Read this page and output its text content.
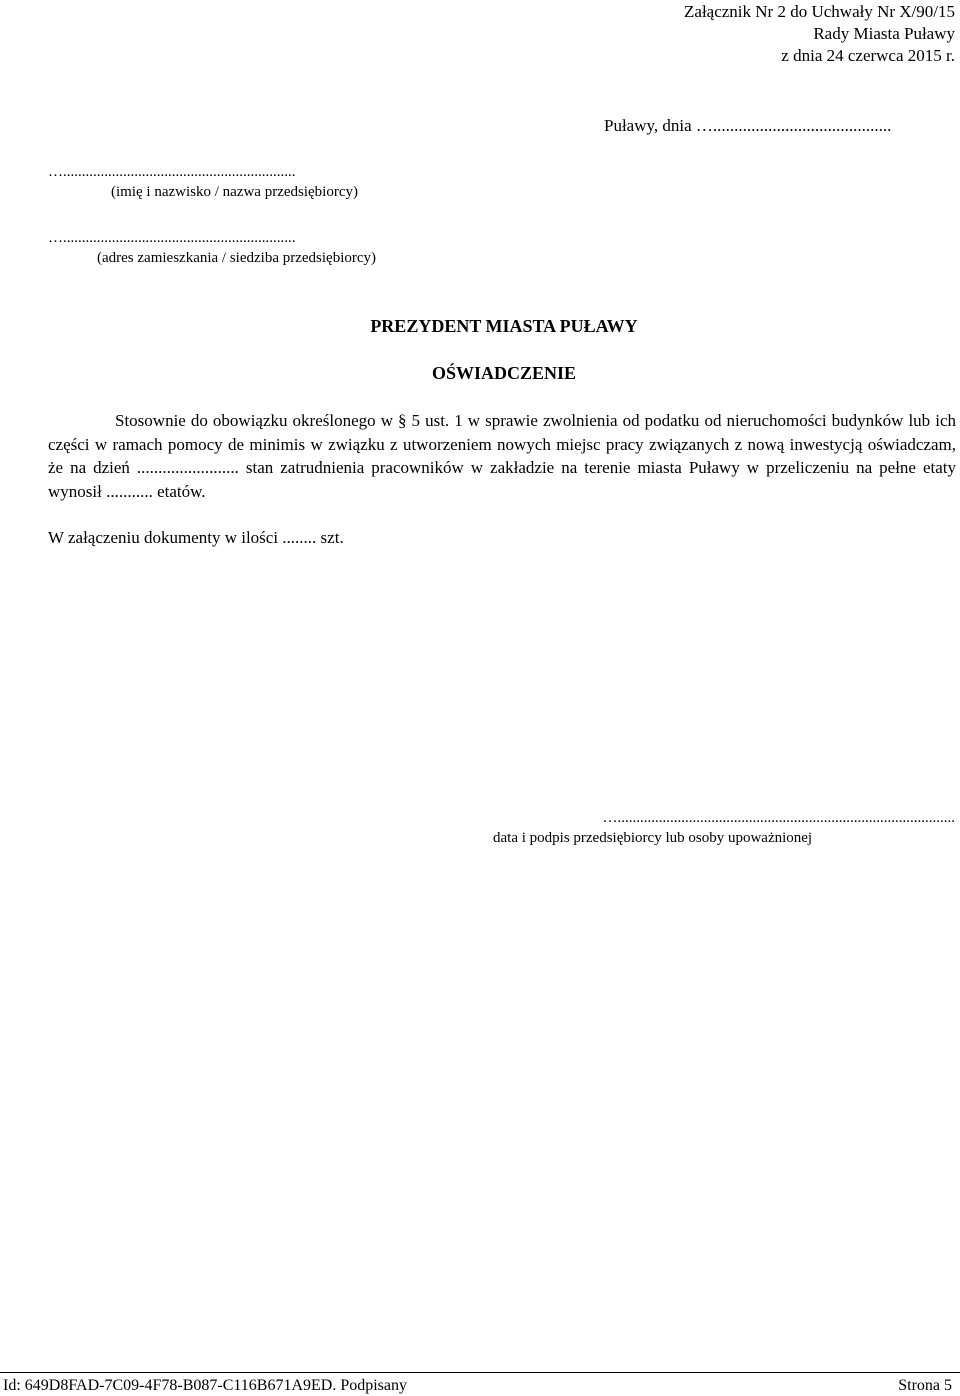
Załącznik Nr 2 do Uchwały Nr X/90/15
Rady Miasta Puławy
z dnia 24 czerwca 2015 r.
Puławy, dnia …..........................................
…..............................................................
(imię i nazwisko / nazwa przedsiębiorcy)
…..............................................................
(adres zamieszkania / siedziba przedsiębiorcy)
PREZYDENT MIASTA PUŁAWY
OŚWIADCZENIE
Stosownie do obowiązku określonego w § 5 ust. 1 w sprawie zwolnienia od podatku od nieruchomości budynków lub ich części w ramach pomocy de minimis w związku z utworzeniem nowych miejsc pracy związanych z nową inwestycją oświadczam, że na dzień ........................ stan zatrudnienia pracowników w zakładzie na terenie miasta Puławy w przeliczeniu na pełne etaty wynosił ........... etatów.
W załączeniu dokumenty w ilości ........ szt.
…..........................................................................................
data i podpis przedsiębiorcy lub osoby upoważnionej
Id: 649D8FAD-7C09-4F78-B087-C116B671A9ED. Podpisany	Strona 5
